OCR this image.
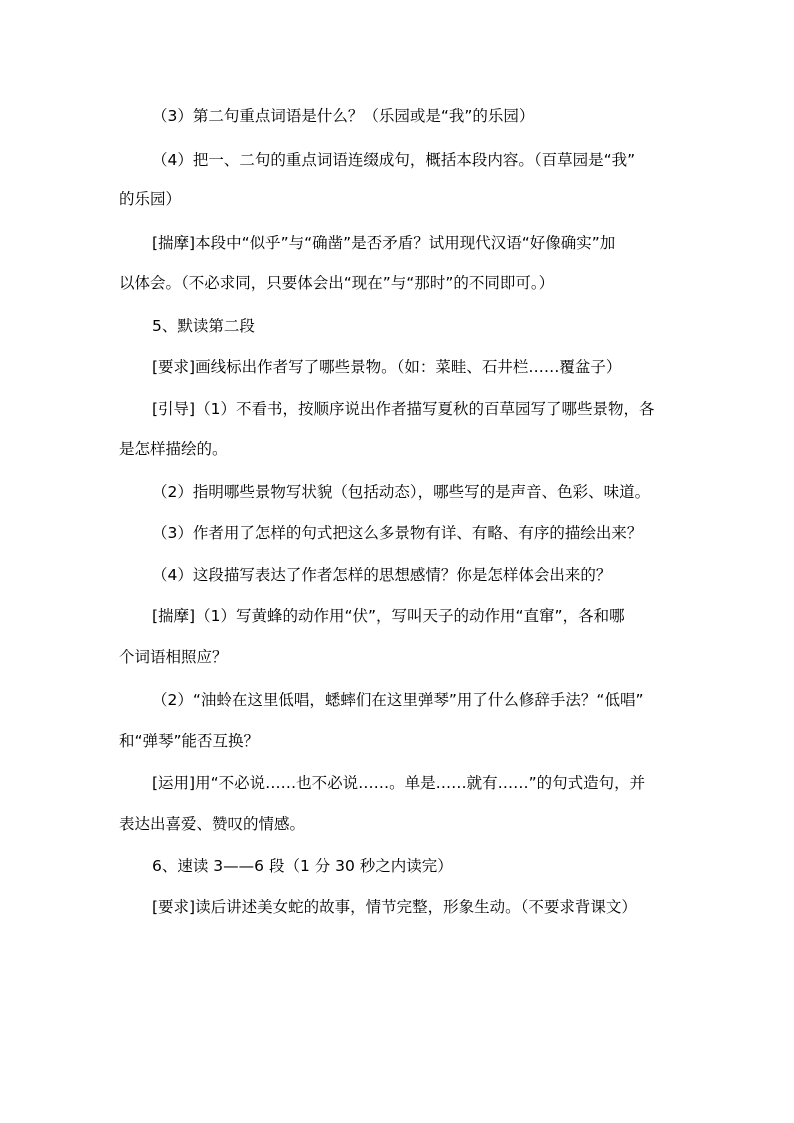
（3）第二句重点词语是什么？（乐园或是“我”的乐园）
（4）把一、二句的重点词语连缀成句，概括本段内容。（百草园是“我”
的乐园）
[揣摩]本段中“似乎”与“确凿”是否矛盾？试用现代汉语“好像确实”加
以体会。（不必求同，只要体会出“现在”与“那时”的不同即可。）
5、默读第二段
[要求]画线标出作者写了哪些景物。（如：菜畦、石井栏……覆盆子）
[引导]（1）不看书，按顺序说出作者描写夏秋的百草园写了哪些景物，各
是怎样描绘的。
（2）指明哪些景物写状貌（包括动态），哪些写的是声音、色彩、味道。
（3）作者用了怎样的句式把这么多景物有详、有略、有序的描绘出来？
（4）这段描写表达了作者怎样的思想感情？你是怎样体会出来的？
[揣摩]（1）写黄蜂的动作用“伏”，写叫天子的动作用“直窜”，各和哪
个词语相照应？
（2）“油蛉在这里低唱，蟋蟀们在这里弹琴”用了什么修辞手法？“低唱”
和“弹琴”能否互换？
[运用]用“不必说……也不必说……。单是……就有……”的句式造句，并
表达出喜爱、赞叹的情感。
6、速读 3——6 段（1 分 30 秒之内读完）
[要求]读后讲述美女蛇的故事，情节完整，形象生动。（不要求背课文）
